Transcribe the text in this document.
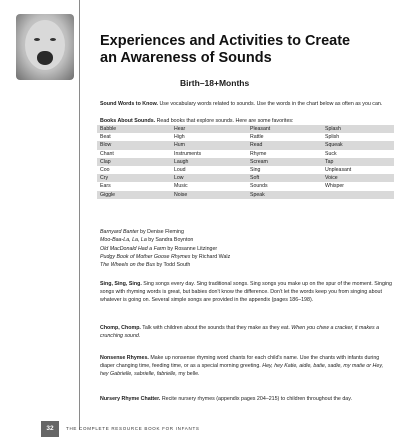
Experiences and Activities to Create an Awareness of Sounds

Birth–18+Months

Sound Words to Know. Use vocabulary words related to sounds. Use the words in the chart below as often as you can.

Books About Sounds. Read books that explore sounds. Here are some favorites:

Babble	Hear	Pleasant	Splash
Beat	High	Rattle	Splish
Blow	Hum	Read	Squeak
Chant	Instruments	Rhyme	Suck
Clap	Laugh	Scream	Tap
Coo	Loud	Sing	Unpleasant
Cry	Low	Soft	Voice
Ears	Music	Sounds	Whisper
Giggle	Noise	Speak
Barnyard Banter by Denise Fleming
Moo-Baa-La, La, La by Sandra Boynton
Old MacDonald Had a Farm by Rosanne Litzinger
Pudgy Book of Mother Goose Rhymes by Richard Walz
The Wheels on the Bus by Todd South

Sing, Sing, Sing. Sing songs every day. Sing traditional songs. Sing songs you make up on the spur of the moment. Singing songs with rhyming words is great, but babies don't know the difference. Don't let the words keep you from singing about whatever is going on. Several simple songs are provided in the appendix (pages 186–198).

Chomp, Chomp. Talk with children about the sounds that they make as they eat. When you chew a cracker, it makes a crunching sound.

Nonsense Rhymes. Make up nonsense rhyming word chants for each child's name. Use the chants with infants during diaper changing time, feeding time, or as a special morning greeting. Hey, hey Katie, aidie, batie, sadie, my matie or Hey, hey Gabrielle, sabrielle, fabrielle, my belle.

Nursery Rhyme Chatter. Recite nursery rhymes (appendix pages 204–215) to children throughout the day.

32	THE COMPLETE RESOURCE BOOK FOR INFANTS
